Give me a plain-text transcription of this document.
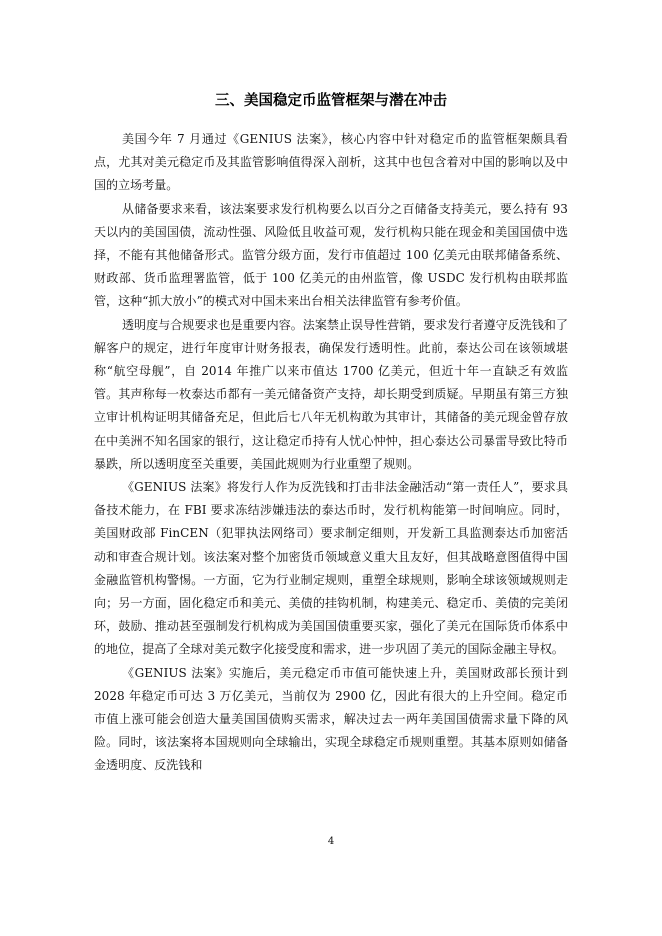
三、美国稳定币监管框架与潜在冲击

美国今年 7 月通过《GENIUS 法案》，核心内容中针对稳定币的监管框架颇具看点，尤其对美元稳定币及其监管影响值得深入剖析，这其中也包含着对中国的影响以及中国的立场考量。

从储备要求来看，该法案要求发行机构要么以百分之百储备支持美元，要么持有 93 天以内的美国国债，流动性强、风险低且收益可观，发行机构只能在现金和美国国债中选择，不能有其他储备形式。监管分级方面，发行市值超过 100 亿美元由联邦储备系统、财政部、货币监理署监管，低于 100 亿美元的由州监管，像 USDC 发行机构由联邦监管，这种“抓大放小”的模式对中国未来出台相关法律监管有参考价值。

透明度与合规要求也是重要内容。法案禁止误导性营销，要求发行者遵守反洗钱和了解客户的规定，进行年度审计财务报表，确保发行透明性。此前，泰达公司在该领域堪称“航空母舰”，自 2014 年推广以来市值达 1700 亿美元，但近十年一直缺乏有效监管。其声称每一枚泰达币都有一美元储备资产支持，却长期受到质疑。早期虽有第三方独立审计机构证明其储备充足，但此后七八年无机构敢为其审计，其储备的美元现金曾存放在中美洲不知名国家的银行，这让稳定币持有人忧心忡忡，担心泰达公司暴雷导致比特币暴跌，所以透明度至关重要，美国此规则为行业重塑了规则。

《GENIUS 法案》将发行人作为反洗钱和打击非法金融活动“第一责任人”，要求具备技术能力，在 FBI 要求冻结涉嫌违法的泰达币时，发行机构能第一时间响应。同时，美国财政部 FinCEN（犯罪执法网络司）要求制定细则，开发新工具监测泰达币加密活动和审查合规计划。该法案对整个加密货币领域意义重大且友好，但其战略意图值得中国金融监管机构警惕。一方面，它为行业制定规则，重塑全球规则，影响全球该领域规则走向；另一方面，固化稳定币和美元、美债的挂钩机制，构建美元、稳定币、美债的完美闭环，鼓励、推动甚至强制发行机构成为美国国债重要买家，强化了美元在国际货币体系中的地位，提高了全球对美元数字化接受度和需求，进一步巩固了美元的国际金融主导权。

《GENIUS 法案》实施后，美元稳定币市值可能快速上升，美国财政部长预计到 2028 年稳定币可达 3 万亿美元，当前仅为 2900 亿，因此有很大的上升空间。稳定币市值上涨可能会创造大量美国国债购买需求，解决过去一两年美国国债需求量下降的风险。同时，该法案将本国规则向全球输出，实现全球稳定币规则重塑。其基本原则如储备金透明度、反洗钱和

4
